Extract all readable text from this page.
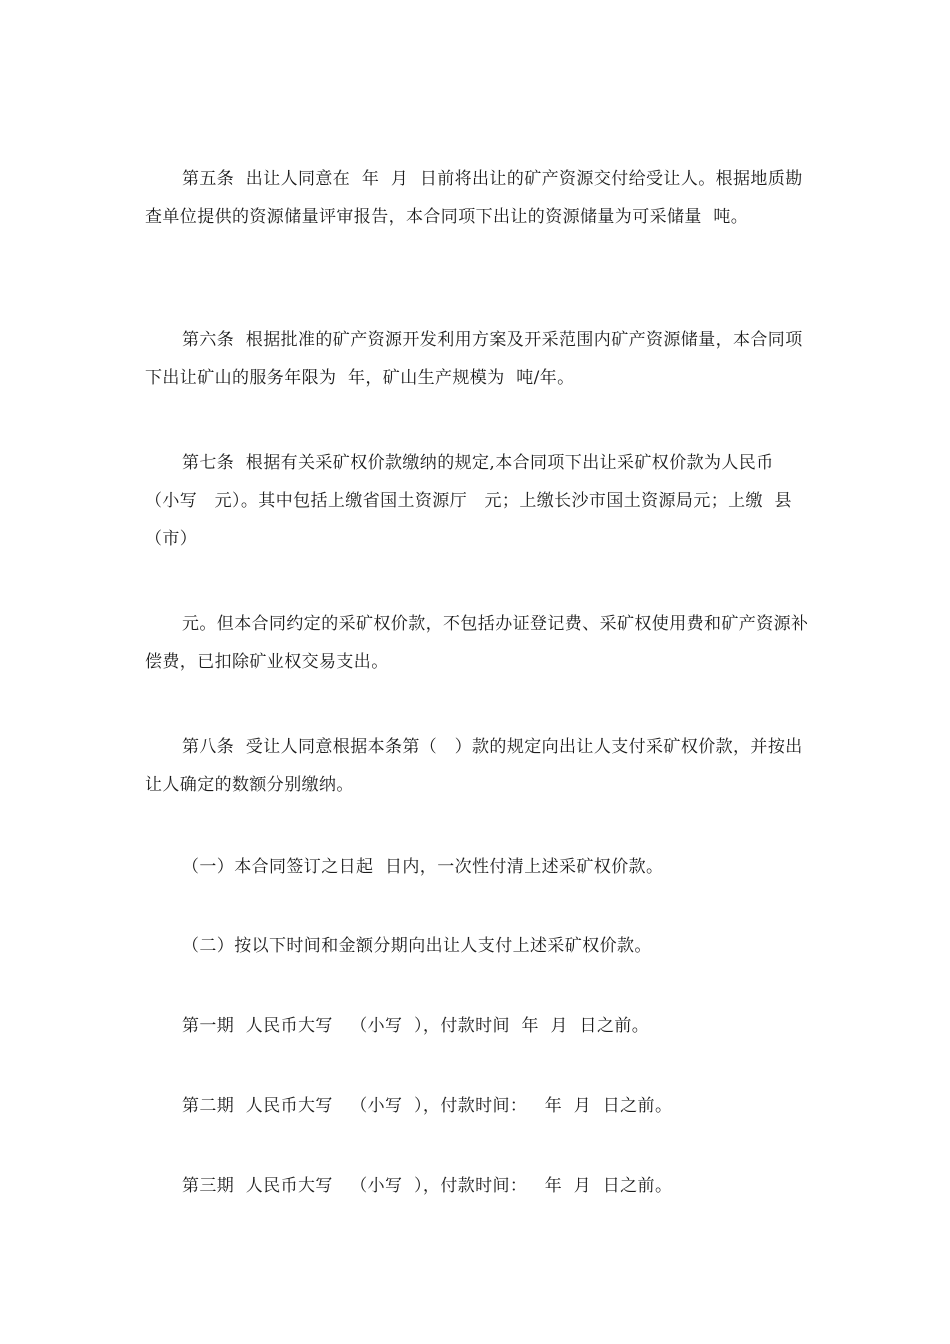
第五条  出让人同意在  年  月  日前将出让的矿产资源交付给受让人。根据地质勘查单位提供的资源储量评审报告，本合同项下出让的资源储量为可采储量  吨。

第六条  根据批准的矿产资源开发利用方案及开采范围内矿产资源储量，本合同项下出让矿山的服务年限为  年，矿山生产规模为  吨/年。

第七条  根据有关采矿权价款缴纳的规定,本合同项下出让采矿权价款为人民币   （小写   元）。其中包括上缴省国土资源厅   元；上缴长沙市国土资源局元；上缴  县（市）

元。但本合同约定的采矿权价款，不包括办证登记费、采矿权使用费和矿产资源补偿费，已扣除矿业权交易支出。

第八条  受让人同意根据本条第（   ）款的规定向出让人支付采矿权价款，并按出让人确定的数额分别缴纳。

（一）本合同签订之日起  日内，一次性付清上述采矿权价款。

（二）按以下时间和金额分期向出让人支付上述采矿权价款。

第一期  人民币大写   （小写  ），付款时间  年  月  日之前。

第二期  人民币大写   （小写  ），付款时间：   年  月  日之前。

第三期  人民币大写   （小写  ），付款时间：   年  月  日之前。
